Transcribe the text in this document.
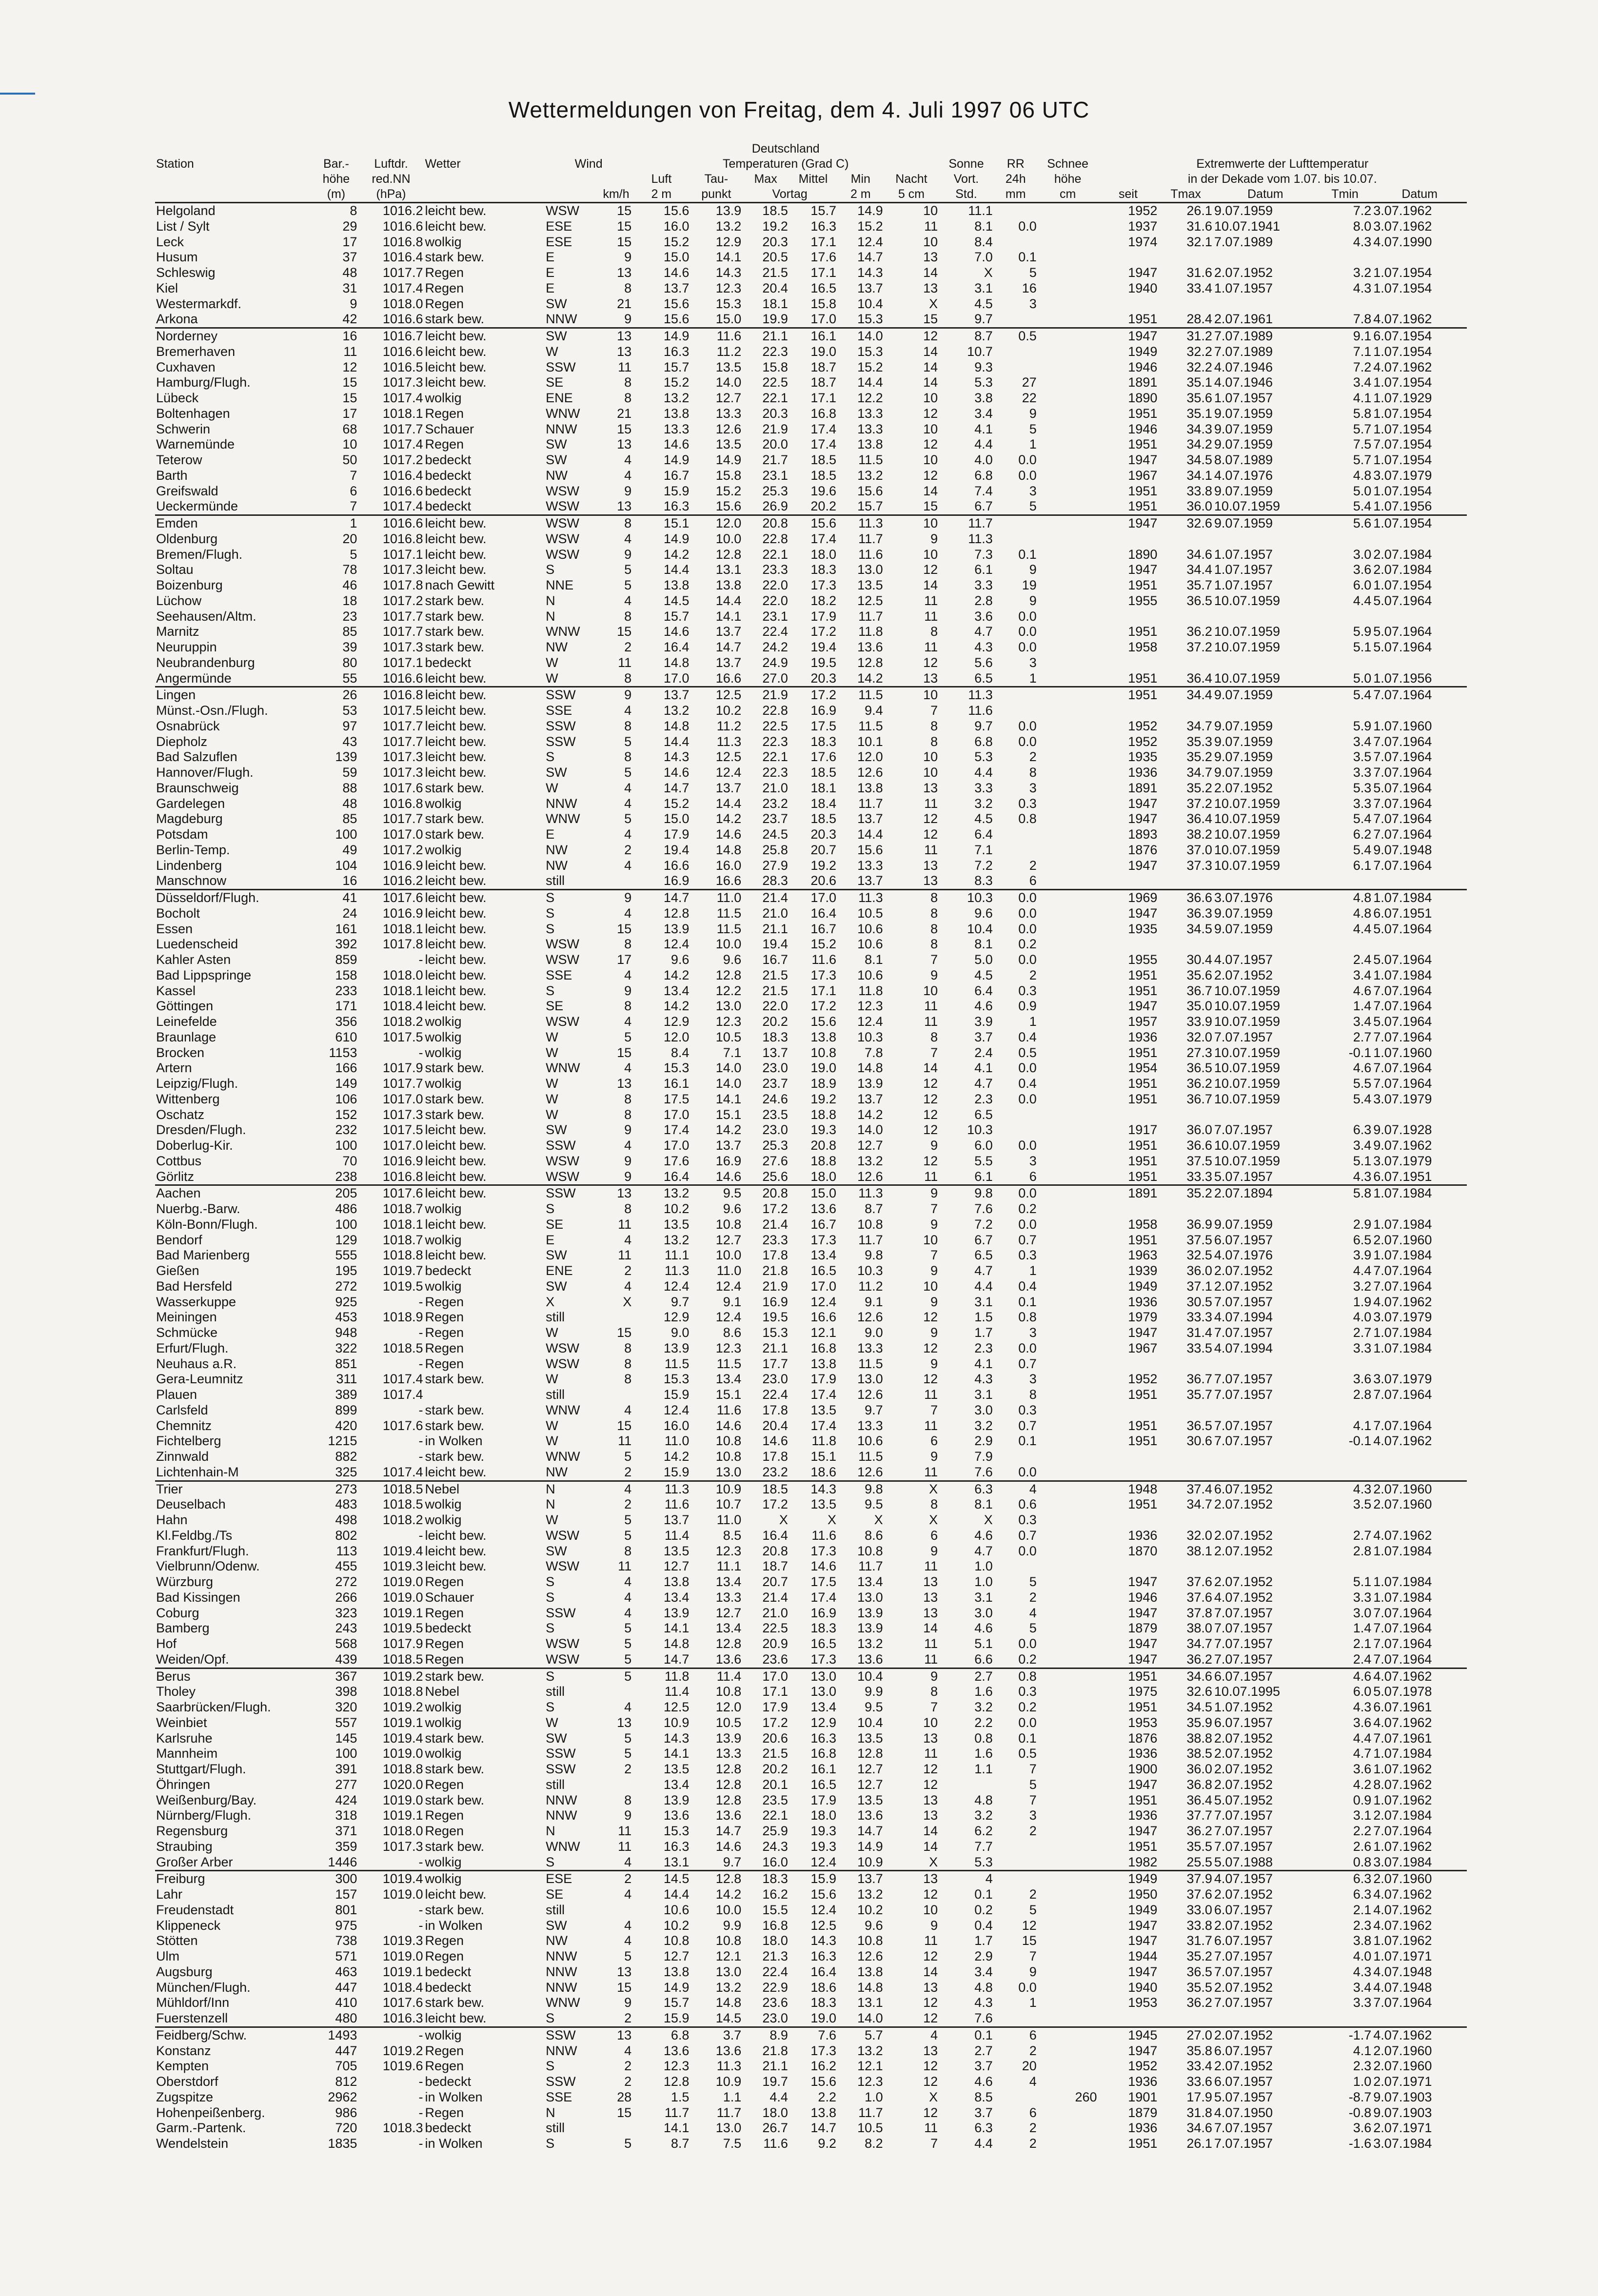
Wettermeldungen von Freitag, dem 4. Juli 1997 06 UTC
						Deutschland													
Station	Bar.-	Luftdr.	Wetter	Wind		Temperaturen (Grad C)						Sonne	RR	Schnee	Extremwerte der Lufttemperatur				
	höhe	red.NN				Luft	Tau-	Max	Mittel	Min	Nacht	Vort.	24h	höhe	in der Dekade vom 1.07. bis 10.07.				
	(m)	(hPa)			km/h	2 m	punkt	Vortag		2 m	5 cm	Std.	mm	cm	seit	Tmax	Datum	Tmin	Datum
Helgoland	8	1016.2	leicht bew.	WSW	15	15.6	13.9	18.5	15.7	14.9	10	11.1			1952	26.1	9.07.1959	7.2	3.07.1962
List / Sylt	29	1016.6	leicht bew.	ESE	15	16.0	13.2	19.2	16.3	15.2	11	8.1	0.0		1937	31.6	10.07.1941	8.0	3.07.1962
Leck	17	1016.8	wolkig	ESE	15	15.2	12.9	20.3	17.1	12.4	10	8.4			1974	32.1	7.07.1989	4.3	4.07.1990
Husum	37	1016.4	stark bew.	E	9	15.0	14.1	20.5	17.6	14.7	13	7.0	0.1						
Schleswig	48	1017.7	Regen	E	13	14.6	14.3	21.5	17.1	14.3	14	X	5		1947	31.6	2.07.1952	3.2	1.07.1954
Kiel	31	1017.4	Regen	E	8	13.7	12.3	20.4	16.5	13.7	13	3.1	16		1940	33.4	1.07.1957	4.3	1.07.1954
Westermarkdf.	9	1018.0	Regen	SW	21	15.6	15.3	18.1	15.8	10.4	X	4.5	3						
Arkona	42	1016.6	stark bew.	NNW	9	15.6	15.0	19.9	17.0	15.3	15	9.7			1951	28.4	2.07.1961	7.8	4.07.1962
Norderney	16	1016.7	leicht bew.	SW	13	14.9	11.6	21.1	16.1	14.0	12	8.7	0.5		1947	31.2	7.07.1989	9.1	6.07.1954
Bremerhaven	11	1016.6	leicht bew.	W	13	16.3	11.2	22.3	19.0	15.3	14	10.7			1949	32.2	7.07.1989	7.1	1.07.1954
Cuxhaven	12	1016.5	leicht bew.	SSW	11	15.7	13.5	15.8	18.7	15.2	14	9.3			1946	32.2	4.07.1946	7.2	4.07.1962
Hamburg/Flugh.	15	1017.3	leicht bew.	SE	8	15.2	14.0	22.5	18.7	14.4	14	5.3	27		1891	35.1	4.07.1946	3.4	1.07.1954
Lübeck	15	1017.4	wolkig	ENE	8	13.2	12.7	22.1	17.1	12.2	10	3.8	22		1890	35.6	1.07.1957	4.1	1.07.1929
Boltenhagen	17	1018.1	Regen	WNW	21	13.8	13.3	20.3	16.8	13.3	12	3.4	9		1951	35.1	9.07.1959	5.8	1.07.1954
Schwerin	68	1017.7	Schauer	NNW	15	13.3	12.6	21.9	17.4	13.3	10	4.1	5		1946	34.3	9.07.1959	5.7	1.07.1954
Warnemünde	10	1017.4	Regen	SW	13	14.6	13.5	20.0	17.4	13.8	12	4.4	1		1951	34.2	9.07.1959	7.5	7.07.1954
Teterow	50	1017.2	bedeckt	SW	4	14.9	14.9	21.7	18.5	11.5	10	4.0	0.0		1947	34.5	8.07.1989	5.7	1.07.1954
Barth	7	1016.4	bedeckt	NW	4	16.7	15.8	23.1	18.5	13.2	12	6.8	0.0		1967	34.1	4.07.1976	4.8	3.07.1979
Greifswald	6	1016.6	bedeckt	WSW	9	15.9	15.2	25.3	19.6	15.6	14	7.4	3		1951	33.8	9.07.1959	5.0	1.07.1954
Ueckermünde	7	1017.4	bedeckt	WSW	13	16.3	15.6	26.9	20.2	15.7	15	6.7	5		1951	36.0	10.07.1959	5.4	1.07.1956
Emden	1	1016.6	leicht bew.	WSW	8	15.1	12.0	20.8	15.6	11.3	10	11.7			1947	32.6	9.07.1959	5.6	1.07.1954
Oldenburg	20	1016.8	leicht bew.	WSW	4	14.9	10.0	22.8	17.4	11.7	9	11.3							
Bremen/Flugh.	5	1017.1	leicht bew.	WSW	9	14.2	12.8	22.1	18.0	11.6	10	7.3	0.1		1890	34.6	1.07.1957	3.0	2.07.1984
Soltau	78	1017.3	leicht bew.	S	5	14.4	13.1	23.3	18.3	13.0	12	6.1	9		1947	34.4	1.07.1957	3.6	2.07.1984
Boizenburg	46	1017.8	nach Gewitt	NNE	5	13.8	13.8	22.0	17.3	13.5	14	3.3	19		1951	35.7	1.07.1957	6.0	1.07.1954
Lüchow	18	1017.2	stark bew.	N	4	14.5	14.4	22.0	18.2	12.5	11	2.8	9		1955	36.5	10.07.1959	4.4	5.07.1964
Seehausen/Altm.	23	1017.7	stark bew.	N	8	15.7	14.1	23.1	17.9	11.7	11	3.6	0.0						
Marnitz	85	1017.7	stark bew.	WNW	15	14.6	13.7	22.4	17.2	11.8	8	4.7	0.0		1951	36.2	10.07.1959	5.9	5.07.1964
Neuruppin	39	1017.3	stark bew.	NW	2	16.4	14.7	24.2	19.4	13.6	11	4.3	0.0		1958	37.2	10.07.1959	5.1	5.07.1964
Neubrandenburg	80	1017.1	bedeckt	W	11	14.8	13.7	24.9	19.5	12.8	12	5.6	3						
Angermünde	55	1016.6	leicht bew.	W	8	17.0	16.6	27.0	20.3	14.2	13	6.5	1		1951	36.4	10.07.1959	5.0	1.07.1956
Lingen	26	1016.8	leicht bew.	SSW	9	13.7	12.5	21.9	17.2	11.5	10	11.3			1951	34.4	9.07.1959	5.4	7.07.1964
Münst.-Osn./Flugh.	53	1017.5	leicht bew.	SSE	4	13.2	10.2	22.8	16.9	9.4	7	11.6							
Osnabrück	97	1017.7	leicht bew.	SSW	8	14.8	11.2	22.5	17.5	11.5	8	9.7	0.0		1952	34.7	9.07.1959	5.9	1.07.1960
Diepholz	43	1017.7	leicht bew.	SSW	5	14.4	11.3	22.3	18.3	10.1	8	6.8	0.0		1952	35.3	9.07.1959	3.4	7.07.1964
Bad Salzuflen	139	1017.3	leicht bew.	S	8	14.3	12.5	22.1	17.6	12.0	10	5.3	2		1935	35.2	9.07.1959	3.5	7.07.1964
Hannover/Flugh.	59	1017.3	leicht bew.	SW	5	14.6	12.4	22.3	18.5	12.6	10	4.4	8		1936	34.7	9.07.1959	3.3	7.07.1964
Braunschweig	88	1017.6	stark bew.	W	4	14.7	13.7	21.0	18.1	13.8	13	3.3	3		1891	35.2	2.07.1952	5.3	5.07.1964
Gardelegen	48	1016.8	wolkig	NNW	4	15.2	14.4	23.2	18.4	11.7	11	3.2	0.3		1947	37.2	10.07.1959	3.3	7.07.1964
Magdeburg	85	1017.7	stark bew.	WNW	5	15.0	14.2	23.7	18.5	13.7	12	4.5	0.8		1947	36.4	10.07.1959	5.4	7.07.1964
Potsdam	100	1017.0	stark bew.	E	4	17.9	14.6	24.5	20.3	14.4	12	6.4			1893	38.2	10.07.1959	6.2	7.07.1964
Berlin-Temp.	49	1017.2	wolkig	NW	2	19.4	14.8	25.8	20.7	15.6	11	7.1			1876	37.0	10.07.1959	5.4	9.07.1948
Lindenberg	104	1016.9	leicht bew.	NW	4	16.6	16.0	27.9	19.2	13.3	13	7.2	2		1947	37.3	10.07.1959	6.1	7.07.1964
Manschnow	16	1016.2	leicht bew.	still		16.9	16.6	28.3	20.6	13.7	13	8.3	6						
Düsseldorf/Flugh.	41	1017.6	leicht bew.	S	9	14.7	11.0	21.4	17.0	11.3	8	10.3	0.0		1969	36.6	3.07.1976	4.8	1.07.1984
Bocholt	24	1016.9	leicht bew.	S	4	12.8	11.5	21.0	16.4	10.5	8	9.6	0.0		1947	36.3	9.07.1959	4.8	6.07.1951
Essen	161	1018.1	leicht bew.	S	15	13.9	11.5	21.1	16.7	10.6	8	10.4	0.0		1935	34.5	9.07.1959	4.4	5.07.1964
Luedenscheid	392	1017.8	leicht bew.	WSW	8	12.4	10.0	19.4	15.2	10.6	8	8.1	0.2						
Kahler Asten	859	-	leicht bew.	WSW	17	9.6	9.6	16.7	11.6	8.1	7	5.0	0.0		1955	30.4	4.07.1957	2.4	5.07.1964
Bad Lippspringe	158	1018.0	leicht bew.	SSE	4	14.2	12.8	21.5	17.3	10.6	9	4.5	2		1951	35.6	2.07.1952	3.4	1.07.1984
Kassel	233	1018.1	leicht bew.	S	9	13.4	12.2	21.5	17.1	11.8	10	6.4	0.3		1951	36.7	10.07.1959	4.6	7.07.1964
Göttingen	171	1018.4	leicht bew.	SE	8	14.2	13.0	22.0	17.2	12.3	11	4.6	0.9		1947	35.0	10.07.1959	1.4	7.07.1964
Leinefelde	356	1018.2	wolkig	WSW	4	12.9	12.3	20.2	15.6	12.4	11	3.9	1		1957	33.9	10.07.1959	3.4	5.07.1964
Braunlage	610	1017.5	wolkig	W	5	12.0	10.5	18.3	13.8	10.3	8	3.7	0.4		1936	32.0	7.07.1957	2.7	7.07.1964
Brocken	1153	-	wolkig	W	15	8.4	7.1	13.7	10.8	7.8	7	2.4	0.5		1951	27.3	10.07.1959	-0.1	1.07.1960
Artern	166	1017.9	stark bew.	WNW	4	15.3	14.0	23.0	19.0	14.8	14	4.1	0.0		1954	36.5	10.07.1959	4.6	7.07.1964
Leipzig/Flugh.	149	1017.7	wolkig	W	13	16.1	14.0	23.7	18.9	13.9	12	4.7	0.4		1951	36.2	10.07.1959	5.5	7.07.1964
Wittenberg	106	1017.0	stark bew.	W	8	17.5	14.1	24.6	19.2	13.7	12	2.3	0.0		1951	36.7	10.07.1959	5.4	3.07.1979
Oschatz	152	1017.3	stark bew.	W	8	17.0	15.1	23.5	18.8	14.2	12	6.5							
Dresden/Flugh.	232	1017.5	leicht bew.	SW	9	17.4	14.2	23.0	19.3	14.0	12	10.3			1917	36.0	7.07.1957	6.3	9.07.1928
Doberlug-Kir.	100	1017.0	leicht bew.	SSW	4	17.0	13.7	25.3	20.8	12.7	9	6.0	0.0		1951	36.6	10.07.1959	3.4	9.07.1962
Cottbus	70	1016.9	leicht bew.	WSW	9	17.6	16.9	27.6	18.8	13.2	12	5.5	3		1951	37.5	10.07.1959	5.1	3.07.1979
Görlitz	238	1016.8	leicht bew.	WSW	9	16.4	14.6	25.6	18.0	12.6	11	6.1	6		1951	33.3	5.07.1957	4.3	6.07.1951
Aachen	205	1017.6	leicht bew.	SSW	13	13.2	9.5	20.8	15.0	11.3	9	9.8	0.0		1891	35.2	2.07.1894	5.8	1.07.1984
Nuerbg.-Barw.	486	1018.7	wolkig	S	8	10.2	9.6	17.2	13.6	8.7	7	7.6	0.2						
Köln-Bonn/Flugh.	100	1018.1	leicht bew.	SE	11	13.5	10.8	21.4	16.7	10.8	9	7.2	0.0		1958	36.9	9.07.1959	2.9	1.07.1984
Bendorf	129	1018.7	wolkig	E	4	13.2	12.7	23.3	17.3	11.7	10	6.7	0.7		1951	37.5	6.07.1957	6.5	2.07.1960
Bad Marienberg	555	1018.8	leicht bew.	SW	11	11.1	10.0	17.8	13.4	9.8	7	6.5	0.3		1963	32.5	4.07.1976	3.9	1.07.1984
Gießen	195	1019.7	bedeckt	ENE	2	11.3	11.0	21.8	16.5	10.3	9	4.7	1		1939	36.0	2.07.1952	4.4	7.07.1964
Bad Hersfeld	272	1019.5	wolkig	SW	4	12.4	12.4	21.9	17.0	11.2	10	4.4	0.4		1949	37.1	2.07.1952	3.2	7.07.1964
Wasserkuppe	925	-	Regen	X	X	9.7	9.1	16.9	12.4	9.1	9	3.1	0.1		1936	30.5	7.07.1957	1.9	4.07.1962
Meiningen	453	1018.9	Regen	still		12.9	12.4	19.5	16.6	12.6	12	1.5	0.8		1979	33.3	4.07.1994	4.0	3.07.1979
Schmücke	948	-	Regen	W	15	9.0	8.6	15.3	12.1	9.0	9	1.7	3		1947	31.4	7.07.1957	2.7	1.07.1984
Erfurt/Flugh.	322	1018.5	Regen	WSW	8	13.9	12.3	21.1	16.8	13.3	12	2.3	0.0		1967	33.5	4.07.1994	3.3	1.07.1984
Neuhaus a.R.	851	-	Regen	WSW	8	11.5	11.5	17.7	13.8	11.5	9	4.1	0.7						
Gera-Leumnitz	311	1017.4	stark bew.	W	8	15.3	13.4	23.0	17.9	13.0	12	4.3	3		1952	36.7	7.07.1957	3.6	3.07.1979
Plauen	389	1017.4		still		15.9	15.1	22.4	17.4	12.6	11	3.1	8		1951	35.7	7.07.1957	2.8	7.07.1964
Carlsfeld	899	-	stark bew.	WNW	4	12.4	11.6	17.8	13.5	9.7	7	3.0	0.3						
Chemnitz	420	1017.6	stark bew.	W	15	16.0	14.6	20.4	17.4	13.3	11	3.2	0.7		1951	36.5	7.07.1957	4.1	7.07.1964
Fichtelberg	1215	-	in Wolken	W	11	11.0	10.8	14.6	11.8	10.6	6	2.9	0.1		1951	30.6	7.07.1957	-0.1	4.07.1962
Zinnwald	882	-	stark bew.	WNW	5	14.2	10.8	17.8	15.1	11.5	9	7.9							
Lichtenhain-M	325	1017.4	leicht bew.	NW	2	15.9	13.0	23.2	18.6	12.6	11	7.6	0.0						
Trier	273	1018.5	Nebel	N	4	11.3	10.9	18.5	14.3	9.8	X	6.3	4		1948	37.4	6.07.1952	4.3	2.07.1960
Deuselbach	483	1018.5	wolkig	N	2	11.6	10.7	17.2	13.5	9.5	8	8.1	0.6		1951	34.7	2.07.1952	3.5	2.07.1960
Hahn	498	1018.2	wolkig	W	5	13.7	11.0	X	X	X	X	X	0.3						
Kl.Feldbg./Ts	802	-	leicht bew.	WSW	5	11.4	8.5	16.4	11.6	8.6	6	4.6	0.7		1936	32.0	2.07.1952	2.7	4.07.1962
Frankfurt/Flugh.	113	1019.4	leicht bew.	SW	8	13.5	12.3	20.8	17.3	10.8	9	4.7	0.0		1870	38.1	2.07.1952	2.8	1.07.1984
Vielbrunn/Odenw.	455	1019.3	leicht bew.	WSW	11	12.7	11.1	18.7	14.6	11.7	11	1.0							
Würzburg	272	1019.0	Regen	S	4	13.8	13.4	20.7	17.5	13.4	13	1.0	5		1947	37.6	2.07.1952	5.1	1.07.1984
Bad Kissingen	266	1019.0	Schauer	S	4	13.4	13.3	21.4	17.4	13.0	13	3.1	2		1946	37.6	4.07.1952	3.3	1.07.1984
Coburg	323	1019.1	Regen	SSW	4	13.9	12.7	21.0	16.9	13.9	13	3.0	4		1947	37.8	7.07.1957	3.0	7.07.1964
Bamberg	243	1019.5	bedeckt	S	5	14.1	13.4	22.5	18.3	13.9	14	4.6	5		1879	38.0	7.07.1957	1.4	7.07.1964
Hof	568	1017.9	Regen	WSW	5	14.8	12.8	20.9	16.5	13.2	11	5.1	0.0		1947	34.7	7.07.1957	2.1	7.07.1964
Weiden/Opf.	439	1018.5	Regen	WSW	5	14.7	13.6	23.6	17.3	13.6	11	6.6	0.2		1947	36.2	7.07.1957	2.4	7.07.1964
Berus	367	1019.2	stark bew.	S	5	11.8	11.4	17.0	13.0	10.4	9	2.7	0.8		1951	34.6	6.07.1957	4.6	4.07.1962
Tholey	398	1018.8	Nebel	still		11.4	10.8	17.1	13.0	9.9	8	1.6	0.3		1975	32.6	10.07.1995	6.0	5.07.1978
Saarbrücken/Flugh.	320	1019.2	wolkig	S	4	12.5	12.0	17.9	13.4	9.5	7	3.2	0.2		1951	34.5	1.07.1952	4.3	6.07.1961
Weinbiet	557	1019.1	wolkig	W	13	10.9	10.5	17.2	12.9	10.4	10	2.2	0.0		1953	35.9	6.07.1957	3.6	4.07.1962
Karlsruhe	145	1019.4	stark bew.	SW	5	14.3	13.9	20.6	16.3	13.5	13	0.8	0.1		1876	38.8	2.07.1952	4.4	7.07.1961
Mannheim	100	1019.0	wolkig	SSW	5	14.1	13.3	21.5	16.8	12.8	11	1.6	0.5		1936	38.5	2.07.1952	4.7	1.07.1984
Stuttgart/Flugh.	391	1018.8	stark bew.	SSW	2	13.5	12.8	20.2	16.1	12.7	12	1.1	7		1900	36.0	2.07.1952	3.6	1.07.1962
Öhringen	277	1020.0	Regen	still		13.4	12.8	20.1	16.5	12.7	12		5		1947	36.8	2.07.1952	4.2	8.07.1962
Weißenburg/Bay.	424	1019.0	stark bew.	NNW	8	13.9	12.8	23.5	17.9	13.5	13	4.8	7		1951	36.4	5.07.1952	0.9	1.07.1962
Nürnberg/Flugh.	318	1019.1	Regen	NNW	9	13.6	13.6	22.1	18.0	13.6	13	3.2	3		1936	37.7	7.07.1957	3.1	2.07.1984
Regensburg	371	1018.0	Regen	N	11	15.3	14.7	25.9	19.3	14.7	14	6.2	2		1947	36.2	7.07.1957	2.2	7.07.1964
Straubing	359	1017.3	stark bew.	WNW	11	16.3	14.6	24.3	19.3	14.9	14	7.7			1951	35.5	7.07.1957	2.6	1.07.1962
Großer Arber	1446	-	wolkig	S	4	13.1	9.7	16.0	12.4	10.9	X	5.3			1982	25.5	5.07.1988	0.8	3.07.1984
Freiburg	300	1019.4	wolkig	ESE	2	14.5	12.8	18.3	15.9	13.7	13	4			1949	37.9	4.07.1957	6.3	2.07.1960
Lahr	157	1019.0	leicht bew.	SE	4	14.4	14.2	16.2	15.6	13.2	12	0.1	2		1950	37.6	2.07.1952	6.3	4.07.1962
Freudenstadt	801	-	stark bew.	still		10.6	10.0	15.5	12.4	10.2	10	0.2	5		1949	33.0	6.07.1957	2.1	4.07.1962
Klippeneck	975	-	in Wolken	SW	4	10.2	9.9	16.8	12.5	9.6	9	0.4	12		1947	33.8	2.07.1952	2.3	4.07.1962
Stötten	738	1019.3	Regen	NW	4	10.8	10.8	18.0	14.3	10.8	11	1.7	15		1947	31.7	6.07.1957	3.8	1.07.1962
Ulm	571	1019.0	Regen	NNW	5	12.7	12.1	21.3	16.3	12.6	12	2.9	7		1944	35.2	7.07.1957	4.0	1.07.1971
Augsburg	463	1019.1	bedeckt	NNW	13	13.8	13.0	22.4	16.4	13.8	14	3.4	9		1947	36.5	7.07.1957	4.3	4.07.1948
München/Flugh.	447	1018.4	bedeckt	NNW	15	14.9	13.2	22.9	18.6	14.8	13	4.8	0.0		1940	35.5	2.07.1952	3.4	4.07.1948
Mühldorf/Inn	410	1017.6	stark bew.	WNW	9	15.7	14.8	23.6	18.3	13.1	12	4.3	1		1953	36.2	7.07.1957	3.3	7.07.1964
Fuerstenzell	480	1016.3	leicht bew.	S	2	15.9	14.5	23.0	19.0	14.0	12	7.6							
Feidberg/Schw.	1493	-	wolkig	SSW	13	6.8	3.7	8.9	7.6	5.7	4	0.1	6		1945	27.0	2.07.1952	-1.7	4.07.1962
Konstanz	447	1019.2	Regen	NNW	4	13.6	13.6	21.8	17.3	13.2	13	2.7	2		1947	35.8	6.07.1957	4.1	2.07.1960
Kempten	705	1019.6	Regen	S	2	12.3	11.3	21.1	16.2	12.1	12	3.7	20		1952	33.4	2.07.1952	2.3	2.07.1960
Oberstdorf	812	-	bedeckt	SSW	2	12.8	10.9	19.7	15.6	12.3	12	4.6	4		1936	33.6	6.07.1957	1.0	2.07.1971
Zugspitze	2962	-	in Wolken	SSE	28	1.5	1.1	4.4	2.2	1.0	X	8.5		260	1901	17.9	5.07.1957	-8.7	9.07.1903
Hohenpeißenberg.	986	-	Regen	N	15	11.7	11.7	18.0	13.8	11.7	12	3.7	6		1879	31.8	4.07.1950	-0.8	9.07.1903
Garm.-Partenk.	720	1018.3	bedeckt	still		14.1	13.0	26.7	14.7	10.5	11	6.3	2		1936	34.6	7.07.1957	3.6	2.07.1971
Wendelstein	1835	-	in Wolken	S	5	8.7	7.5	11.6	9.2	8.2	7	4.4	2		1951	26.1	7.07.1957	-1.6	3.07.1984
